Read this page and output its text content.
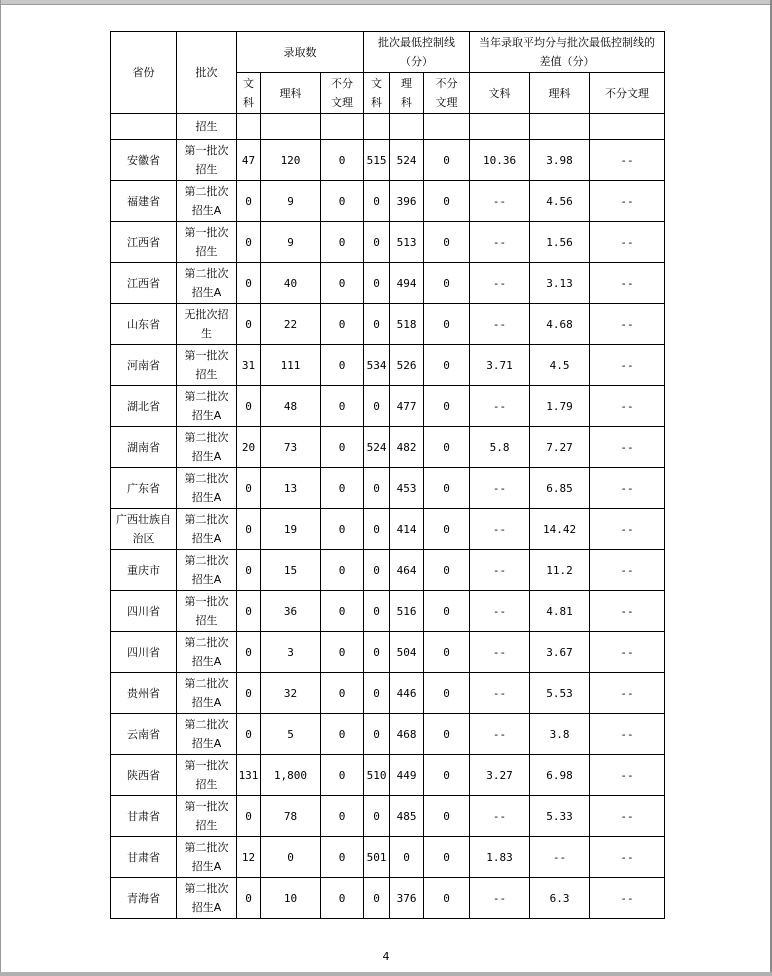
省份	批次	录取数			批次最低控制线（分）			当年录取平均分与批次最低控制线的差值（分）		
		文科	理科	不分文理	文科	理科	不分文理	文科	理科	不分文理
	招生									
安徽省	第一批次招生	47	120	0	515	524	0	10.36	3.98	--
福建省	第二批次招生A	0	9	0	0	396	0	--	4.56	--
江西省	第一批次招生	0	9	0	0	513	0	--	1.56	--
江西省	第二批次招生A	0	40	0	0	494	0	--	3.13	--
山东省	无批次招生	0	22	0	0	518	0	--	4.68	--
河南省	第一批次招生	31	111	0	534	526	0	3.71	4.5	--
湖北省	第二批次招生A	0	48	0	0	477	0	--	1.79	--
湖南省	第二批次招生A	20	73	0	524	482	0	5.8	7.27	--
广东省	第二批次招生A	0	13	0	0	453	0	--	6.85	--
广西壮族自治区	第二批次招生A	0	19	0	0	414	0	--	14.42	--
重庆市	第二批次招生A	0	15	0	0	464	0	--	11.2	--
四川省	第一批次招生	0	36	0	0	516	0	--	4.81	--
四川省	第二批次招生A	0	3	0	0	504	0	--	3.67	--
贵州省	第二批次招生A	0	32	0	0	446	0	--	5.53	--
云南省	第二批次招生A	0	5	0	0	468	0	--	3.8	--
陕西省	第一批次招生	131	1,800	0	510	449	0	3.27	6.98	--
甘肃省	第一批次招生	0	78	0	0	485	0	--	5.33	--
甘肃省	第二批次招生A	12	0	0	501	0	0	1.83	--	--
青海省	第二批次招生A	0	10	0	0	376	0	--	6.3	--
4
